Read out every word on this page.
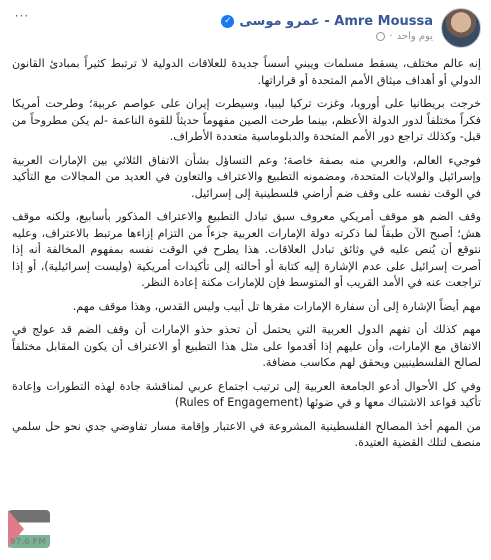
···	Amre Moussa - عمرو موسى
✓
يوم واحد
·

إنه عالم مختلف، يسقط مسلمات ويبني أسساً جديدة للعلاقات الدولية لا ترتبط كثيراً بمبادئ القانون الدولي أو أهداف ميثاق الأمم المتحدة أو قراراتها.

خرجت بريطانيا على أوروبا، وغزت تركيا ليبيا، وسيطرت إيران على عواصم عربية؛ وطرحت أمريكا فكراً مختلفاً لدور الدولة الأعظم، بينما طرحت الصين مفهوماً حديثاً للقوة الناعمة -لم يكن مطروحاً من قبل- وكذلك تراجع دور الأمم المتحدة والدبلوماسية متعددة الأطراف.

فوجيء العالم، والعربي منه بصفة خاصة؛ وعم التساؤل بشأن الاتفاق الثلاثي بين الإمارات العربية وإسرائيل والولايات المتحدة، ومضمونه التطبيع والاعتراف والتعاون في العديد من المجالات مع التأكيد في الوقت نفسه على وقف ضم أراضي فلسطينية إلى إسرائيل.

وقف الضم هو موقف أمريكي معروف سبق تبادل التطبيع والاعتراف المذكور بأسابيع، ولكنه موقف هش؛ أصبح الآن طبقاً لما ذكرته دولة الإمارات العربية جزءاً من التزام إزاءها مرتبط بالاعتراف، وعليه نتوقع أن يُنص عليه في وثائق تبادل العلاقات. هذا يطرح في الوقت نفسه بمفهوم المخالفة أنه إذا أصرت إسرائيل على عدم الإشارة إليه كتابة أو أحالته إلى تأكيدات أمريكية (وليست إسرائيلية)، أو إذا تراجعت عنه في الأمد القريب أو المتوسط فإن للإمارات مكنة إعادة النظر.

مهم أيضاً الإشارة إلى أن سفارة الإمارات مقرها تل أبيب وليس القدس، وهذا موقف مهم.

مهم كذلك أن تفهم الدول العربية التي يحتمل أن تحذو حذو الإمارات أن وقف الضم قد عولج في الاتفاق مع الإمارات، وأن عليهم إذا أقدموا على مثل هذا التطبيع أو الاعتراف أن يكون المقابل مختلفاً لصالح الفلسطينيين ويحقق لهم مكاسب مضافة.

وفي كل الأحوال أدعو الجامعة العربية إلى ترتيب اجتماع عربي لمناقشة جادة لهذه التطورات وإعادة تأكيد قواعد الاشتباك معها و في ضوئها (Rules of Engagement)

من المهم أخذ المصالح الفلسطينية المشروعة في الاعتبار وإقامة مسار تفاوضي جدي نحو حل سلمي منصف لتلك القضية العتيدة.

97.6 FM
